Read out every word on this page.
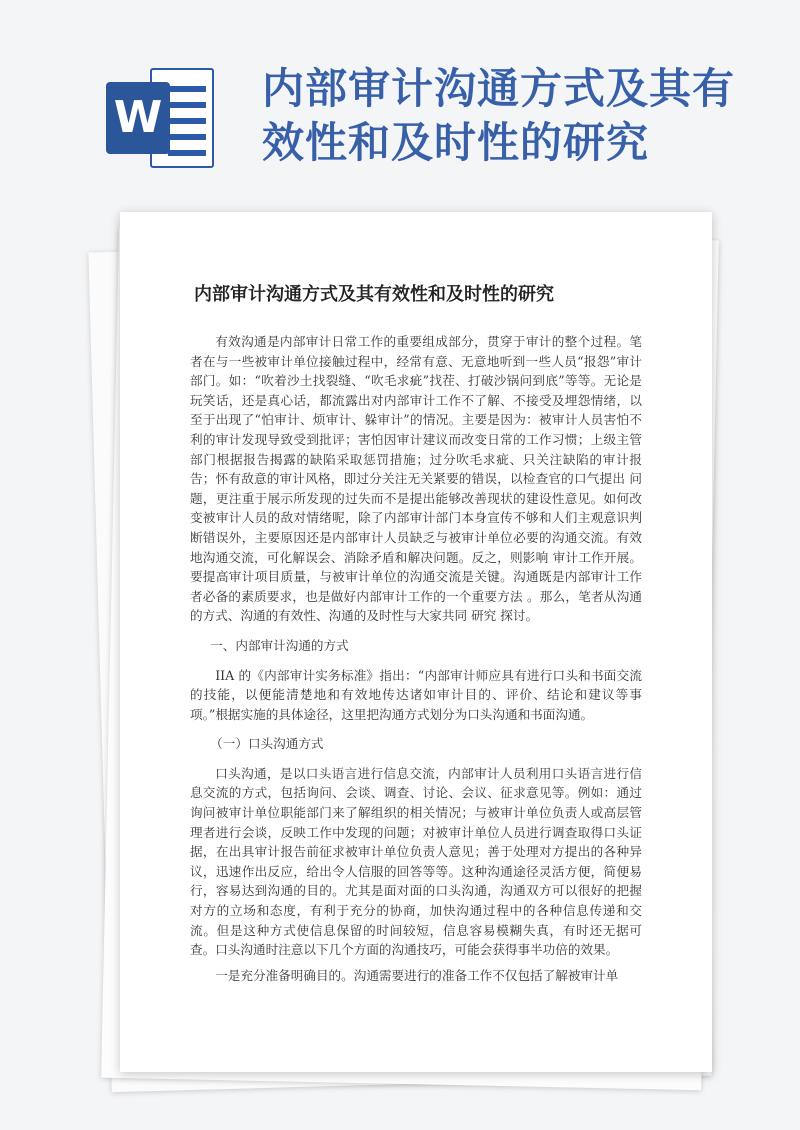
W
内部审计沟通方式及其有效性和及时性的研究
内部审计沟通方式及其有效性和及时性的研究

有效沟通是内部审计日常工作的重要组成部分，贯穿于审计的整个过程。笔者在与一些被审计单位接触过程中，经常有意、无意地听到一些人员“报怨”审计部门。如：“吹着沙土找裂缝、“吹毛求疵”找茬、打破沙锅问到底”等等。无论是玩笑话，还是真心话，都流露出对内部审计工作不了解、不接受及埋怨情绪，以至于出现了“怕审计、烦审计、躲审计”的情况。主要是因为：被审计人员害怕不利的审计发现导致受到批评；害怕因审计建议而改变日常的工作习惯；上级主管部门根据报告揭露的缺陷采取惩罚措施；过分吹毛求疵、只关注缺陷的审计报告；怀有敌意的审计风格，即过分关注无关紧要的错误，以检查官的口气提出 问题，更注重于展示所发现的过失而不是提出能够改善现状的建设性意见。如何改变被审计人员的敌对情绪呢，除了内部审计部门本身宣传不够和人们主观意识判断错误外，主要原因还是内部审计人员缺乏与被审计单位必要的沟通交流。有效地沟通交流，可化解误会、消除矛盾和解决问题。反之，则影响 审计工作开展。要提高审计项目质量，与被审计单位的沟通交流是关键。沟通既是内部审计工作者必备的素质要求，也是做好内部审计工作的一个重要方法 。那么，笔者从沟通的方式、沟通的有效性、沟通的及时性与大家共同 研究 探讨。

一、内部审计沟通的方式

IIA 的《内部审计实务标准》指出：“内部审计师应具有进行口头和书面交流的技能，以便能清楚地和有效地传达诸如审计目的、评价、结论和建议等事项。”根据实施的具体途径，这里把沟通方式划分为口头沟通和书面沟通。

（一）口头沟通方式

口头沟通，是以口头语言进行信息交流，内部审计人员利用口头语言进行信息交流的方式，包括询问、会谈、调查、讨论、会议、征求意见等。例如：通过询问被审计单位职能部门来了解组织的相关情况；与被审计单位负责人或高层管理者进行会谈，反映工作中发现的问题；对被审计单位人员进行调查取得口头证据，在出具审计报告前征求被审计单位负责人意见；善于处理对方提出的各种异议，迅速作出反应，给出令人信服的回答等等。这种沟通途径灵活方便，简便易行，容易达到沟通的目的。尤其是面对面的口头沟通，沟通双方可以很好的把握对方的立场和态度，有利于充分的协商，加快沟通过程中的各种信息传递和交流。但是这种方式使信息保留的时间较短，信息容易模糊失真，有时还无据可查。口头沟通时注意以下几个方面的沟通技巧，可能会获得事半功倍的效果。

一是充分准备明确目的。沟通需要进行的准备工作不仅包括了解被审计单
